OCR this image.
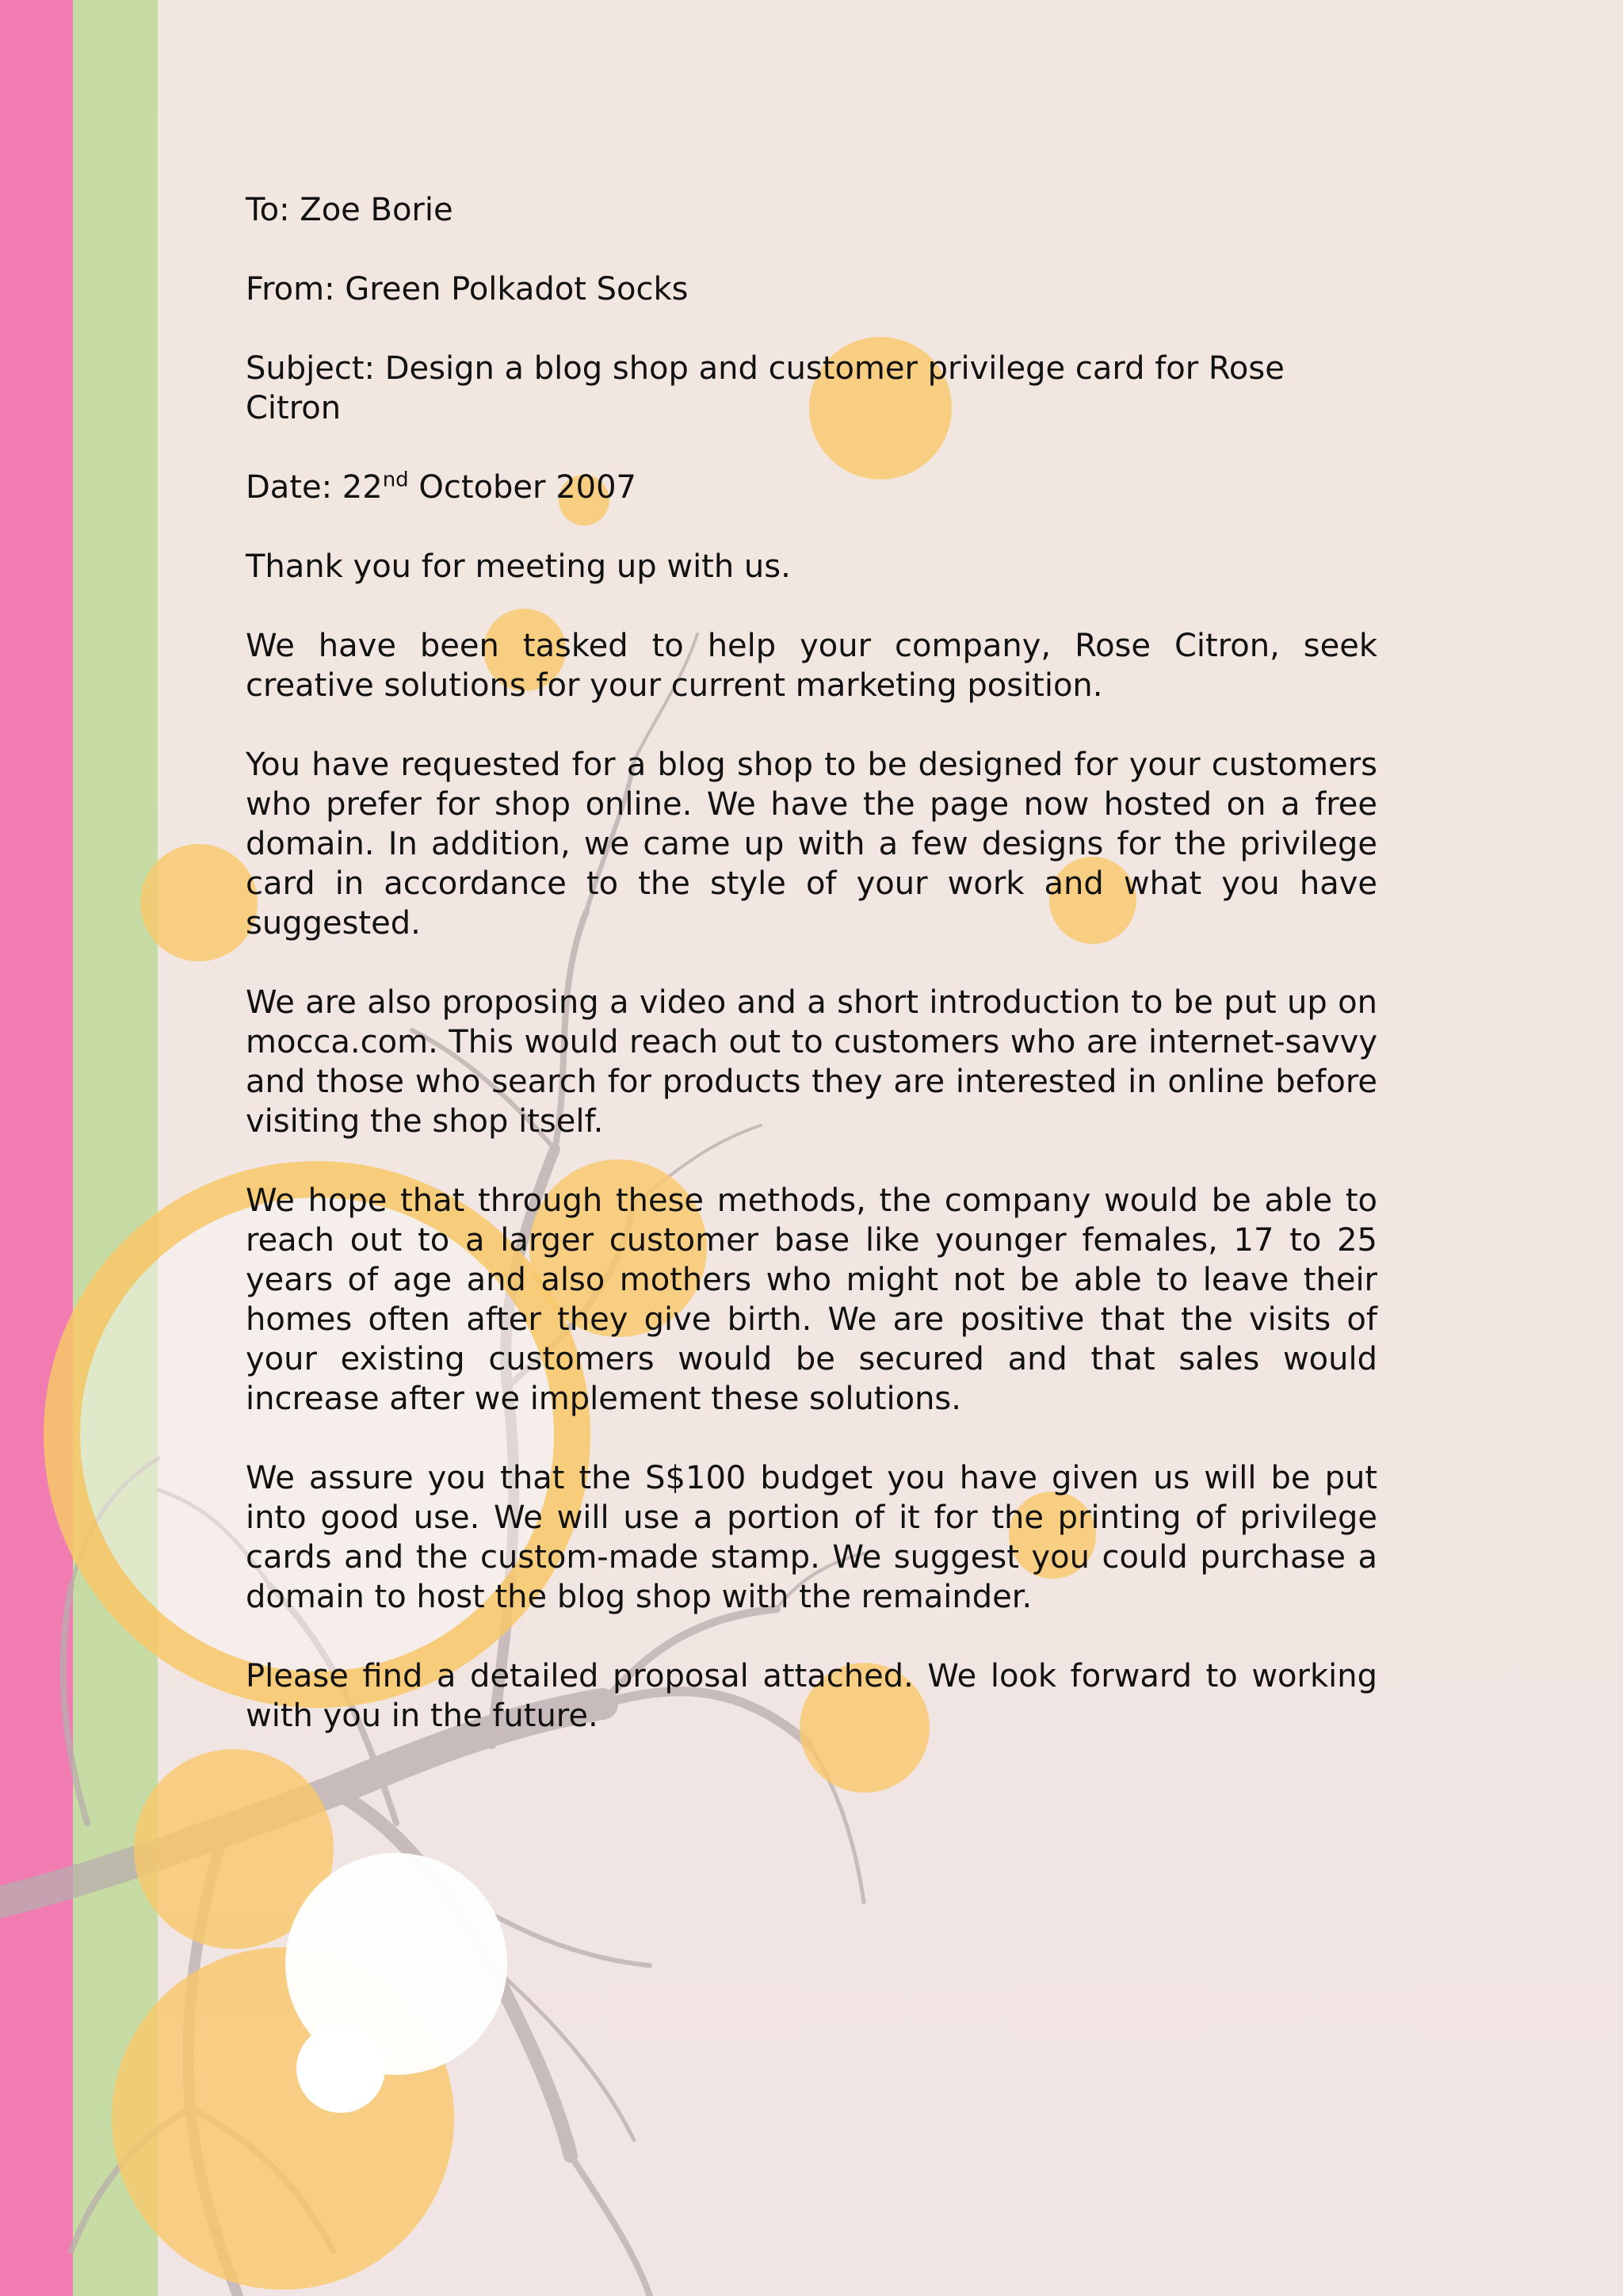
To: Zoe Borie

From: Green Polkadot Socks

Subject: Design a blog shop and customer privilege card for Rose Citron

Date: 22nd October 2007

Thank you for meeting up with us.

We have been tasked to help your company, Rose Citron, seek creative solutions for your current marketing position.

You have requested for a blog shop to be designed for your customers who prefer for shop online. We have the page now hosted on a free domain. In addition, we came up with a few designs for the privilege card in accordance to the style of your work and what you have suggested.

We are also proposing a video and a short introduction to be put up on mocca.com. This would reach out to customers who are internet-savvy and those who search for products they are interested in online before visiting the shop itself.

We hope that through these methods, the company would be able to reach out to a larger customer base like younger females, 17 to 25 years of age and also mothers who might not be able to leave their homes often after they give birth. We are positive that the visits of your existing customers would be secured and that sales would increase after we implement these solutions.

We assure you that the S$100 budget you have given us will be put into good use. We will use a portion of it for the printing of privilege cards and the custom-made stamp. We suggest you could purchase a domain to host the blog shop with the remainder.

Please find a detailed proposal attached. We look forward to working with you in the future.
